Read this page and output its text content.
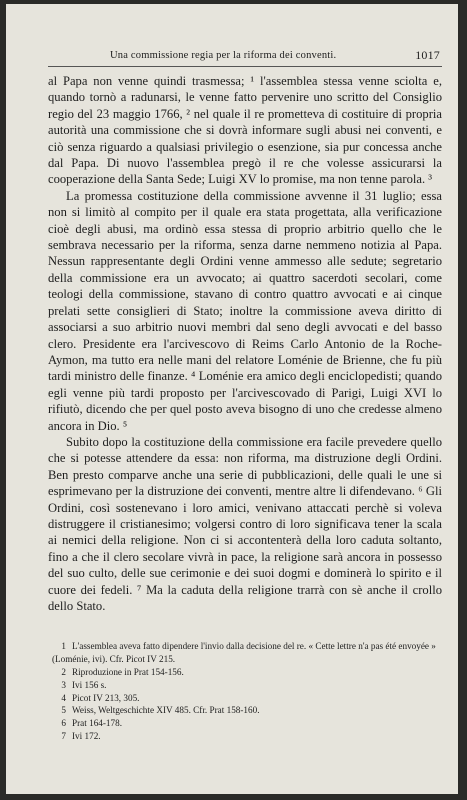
Una commissione regia per la riforma dei conventi.	1017

al Papa non venne quindi trasmessa; ¹ l'assemblea stessa venne sciolta e, quando tornò a radunarsi, le venne fatto pervenire uno scritto del Consiglio regio del 23 maggio 1766, ² nel quale il re prometteva di costituire di propria autorità una commissione che si dovrà informare sugli abusi nei conventi, e ciò senza riguardo a qualsiasi privilegio o esenzione, sia pur concessa anche dal Papa. Di nuovo l'assemblea pregò il re che volesse assicurarsi la cooperazione della Santa Sede; Luigi XV lo promise, ma non tenne parola. ³

La promessa costituzione della commissione avvenne il 31 luglio; essa non si limitò al compito per il quale era stata progettata, alla verificazione cioè degli abusi, ma ordinò essa stessa di proprio arbitrio quello che le sembrava necessario per la riforma, senza darne nemmeno notizia al Papa. Nessun rappresentante degli Ordini venne ammesso alle sedute; segretario della commissione era un avvocato; ai quattro sacerdoti secolari, come teologi della commissione, stavano di contro quattro avvocati e ai cinque prelati sette consiglieri di Stato; inoltre la commissione aveva diritto di associarsi a suo arbitrio nuovi membri dal seno degli avvocati e del basso clero. Presidente era l'arcivescovo di Reims Carlo Antonio de la Roche-Aymon, ma tutto era nelle mani del relatore Loménie de Brienne, che fu più tardi ministro delle finanze. ⁴ Loménie era amico degli enciclopedisti; quando egli venne più tardi proposto per l'arcivescovado di Parigi, Luigi XVI lo rifiutò, dicendo che per quel posto aveva bisogno di uno che credesse almeno ancora in Dio. ⁵

Subito dopo la costituzione della commissione era facile prevedere quello che si potesse attendere da essa: non riforma, ma distruzione degli Ordini. Ben presto comparve anche una serie di pubblicazioni, delle quali le une si esprimevano per la distruzione dei conventi, mentre altre li difendevano. ⁶ Gli Ordini, così sostenevano i loro amici, venivano attaccati perchè si voleva distruggere il cristianesimo; volgersi contro di loro significava tener la scala ai nemici della religione. Non ci si accontenterà della loro caduta soltanto, fino a che il clero secolare vivrà in pace, la religione sarà ancora in possesso del suo culto, delle sue cerimonie e dei suoi dogmi e dominerà lo spirito e il cuore dei fedeli. ⁷ Ma la caduta della religione trarrà con sè anche il crollo dello Stato.

1 L'assemblea aveva fatto dipendere l'invio dalla decisione del re. « Cette lettre n'a pas été envoyée » (Loménie, ivi). Cfr. Picot IV 215.
2 Riproduzione in Prat 154-156.
3 Ivi 156 s.
4 Picot IV 213, 305.
5 Weiss, Weltgeschichte XIV 485. Cfr. Prat 158-160.
6 Prat 164-178.
7 Ivi 172.
